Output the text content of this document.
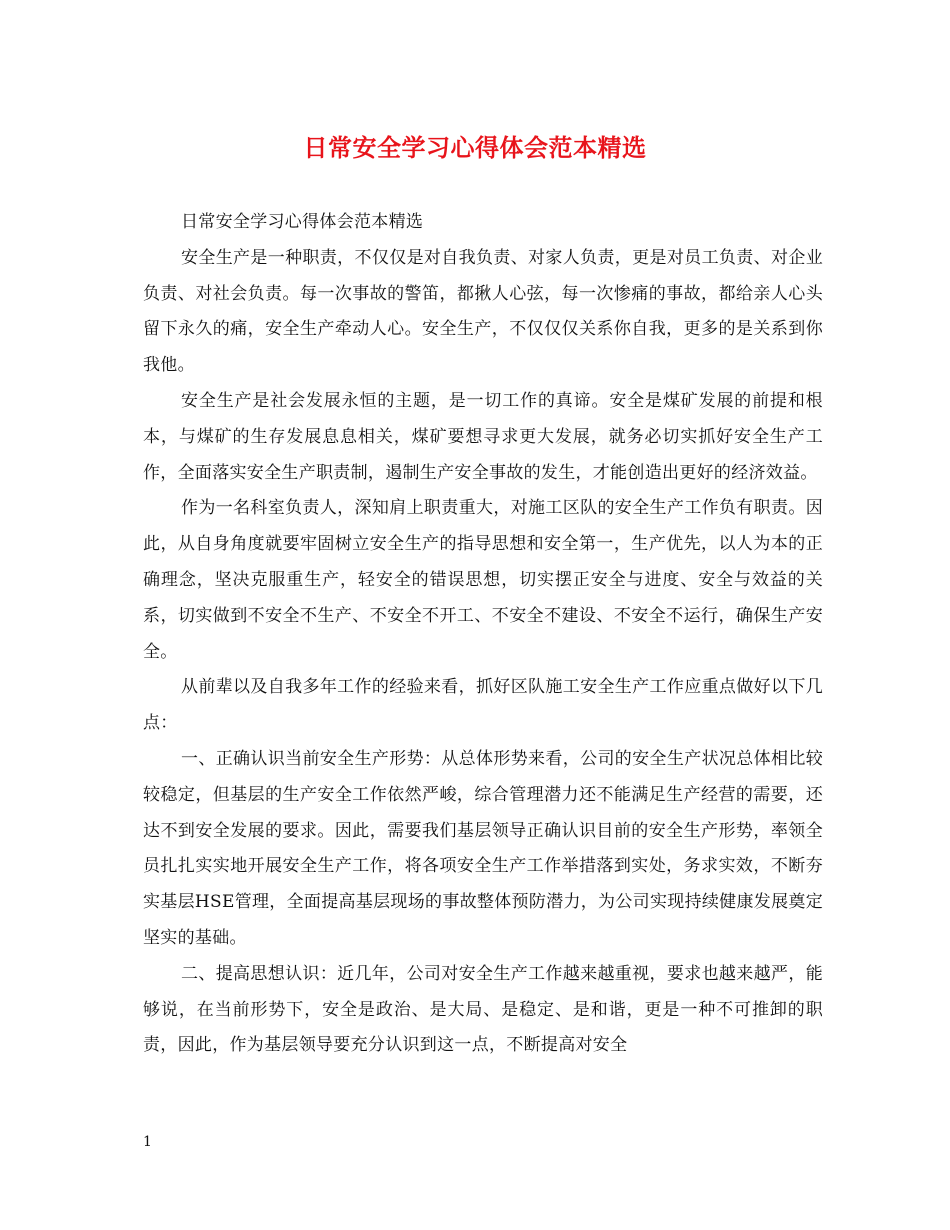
日常安全学习心得体会范本精选

日常安全学习心得体会范本精选

安全生产是一种职责，不仅仅是对自我负责、对家人负责，更是对员工负责、对企业负责、对社会负责。每一次事故的警笛，都揪人心弦，每一次惨痛的事故，都给亲人心头留下永久的痛，安全生产牵动人心。安全生产，不仅仅仅关系你自我，更多的是关系到你我他。

安全生产是社会发展永恒的主题，是一切工作的真谛。安全是煤矿发展的前提和根本，与煤矿的生存发展息息相关，煤矿要想寻求更大发展，就务必切实抓好安全生产工作，全面落实安全生产职责制，遏制生产安全事故的发生，才能创造出更好的经济效益。

作为一名科室负责人，深知肩上职责重大，对施工区队的安全生产工作负有职责。因此，从自身角度就要牢固树立安全生产的指导思想和安全第一，生产优先，以人为本的正确理念，坚决克服重生产，轻安全的错误思想，切实摆正安全与进度、安全与效益的关系，切实做到不安全不生产、不安全不开工、不安全不建设、不安全不运行，确保生产安全。

从前辈以及自我多年工作的经验来看，抓好区队施工安全生产工作应重点做好以下几点：

一、正确认识当前安全生产形势：从总体形势来看，公司的安全生产状况总体相比较较稳定，但基层的生产安全工作依然严峻，综合管理潜力还不能满足生产经营的需要，还达不到安全发展的要求。因此，需要我们基层领导正确认识目前的安全生产形势，率领全员扎扎实实地开展安全生产工作，将各项安全生产工作举措落到实处，务求实效，不断夯实基层HSE管理，全面提高基层现场的事故整体预防潜力，为公司实现持续健康发展奠定坚实的基础。

二、提高思想认识：近几年，公司对安全生产工作越来越重视，要求也越来越严，能够说，在当前形势下，安全是政治、是大局、是稳定、是和谐，更是一种不可推卸的职责，因此，作为基层领导要充分认识到这一点，不断提高对安全

1
